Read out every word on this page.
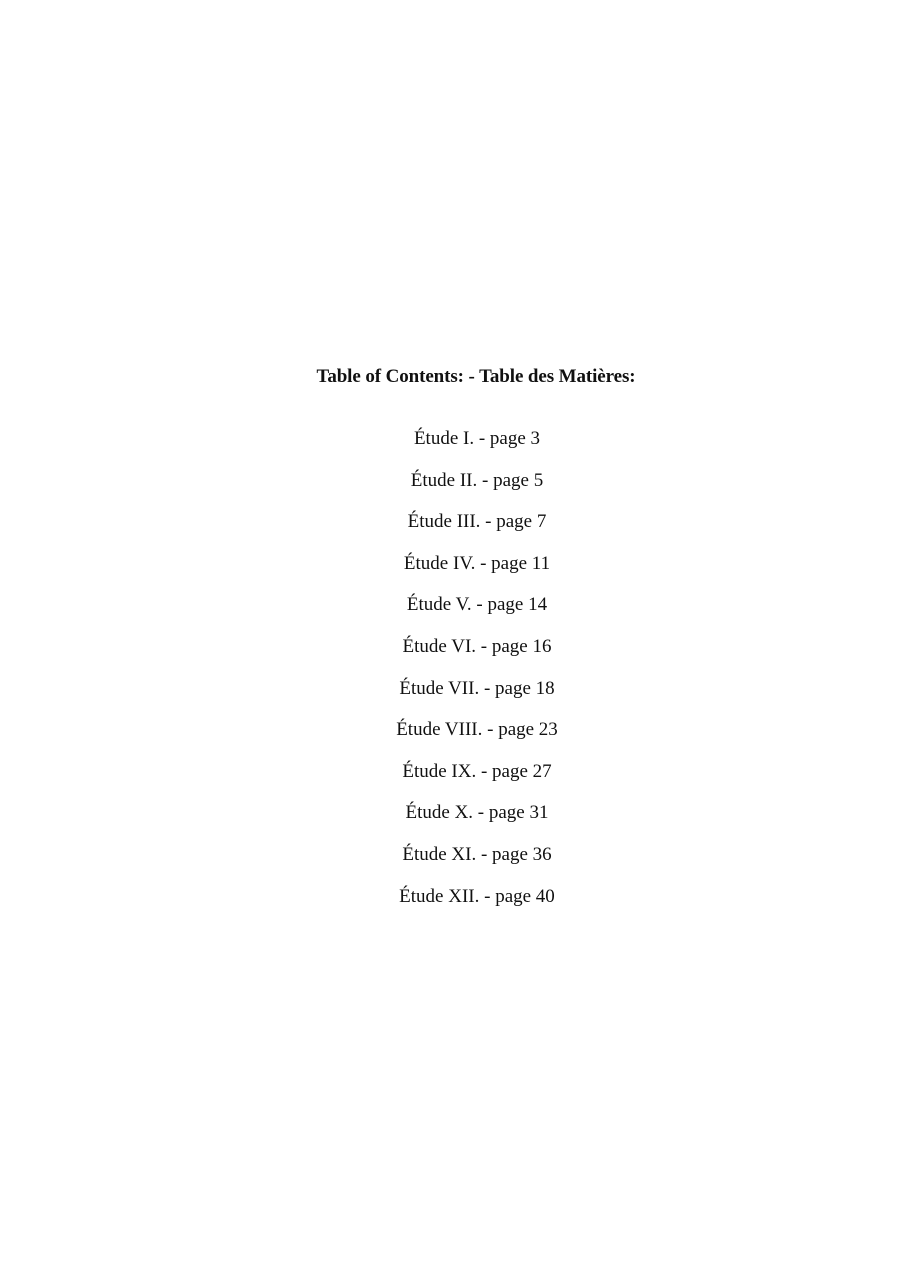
Table of Contents: - Table des Matières:
Étude I. - page 3
Étude II. - page 5
Étude III. - page 7
Étude IV. - page 11
Étude V. - page 14
Étude VI. - page 16
Étude VII. - page 18
Étude VIII. - page 23
Étude IX. - page 27
Étude X. - page 31
Étude XI. - page 36
Étude XII. - page 40
